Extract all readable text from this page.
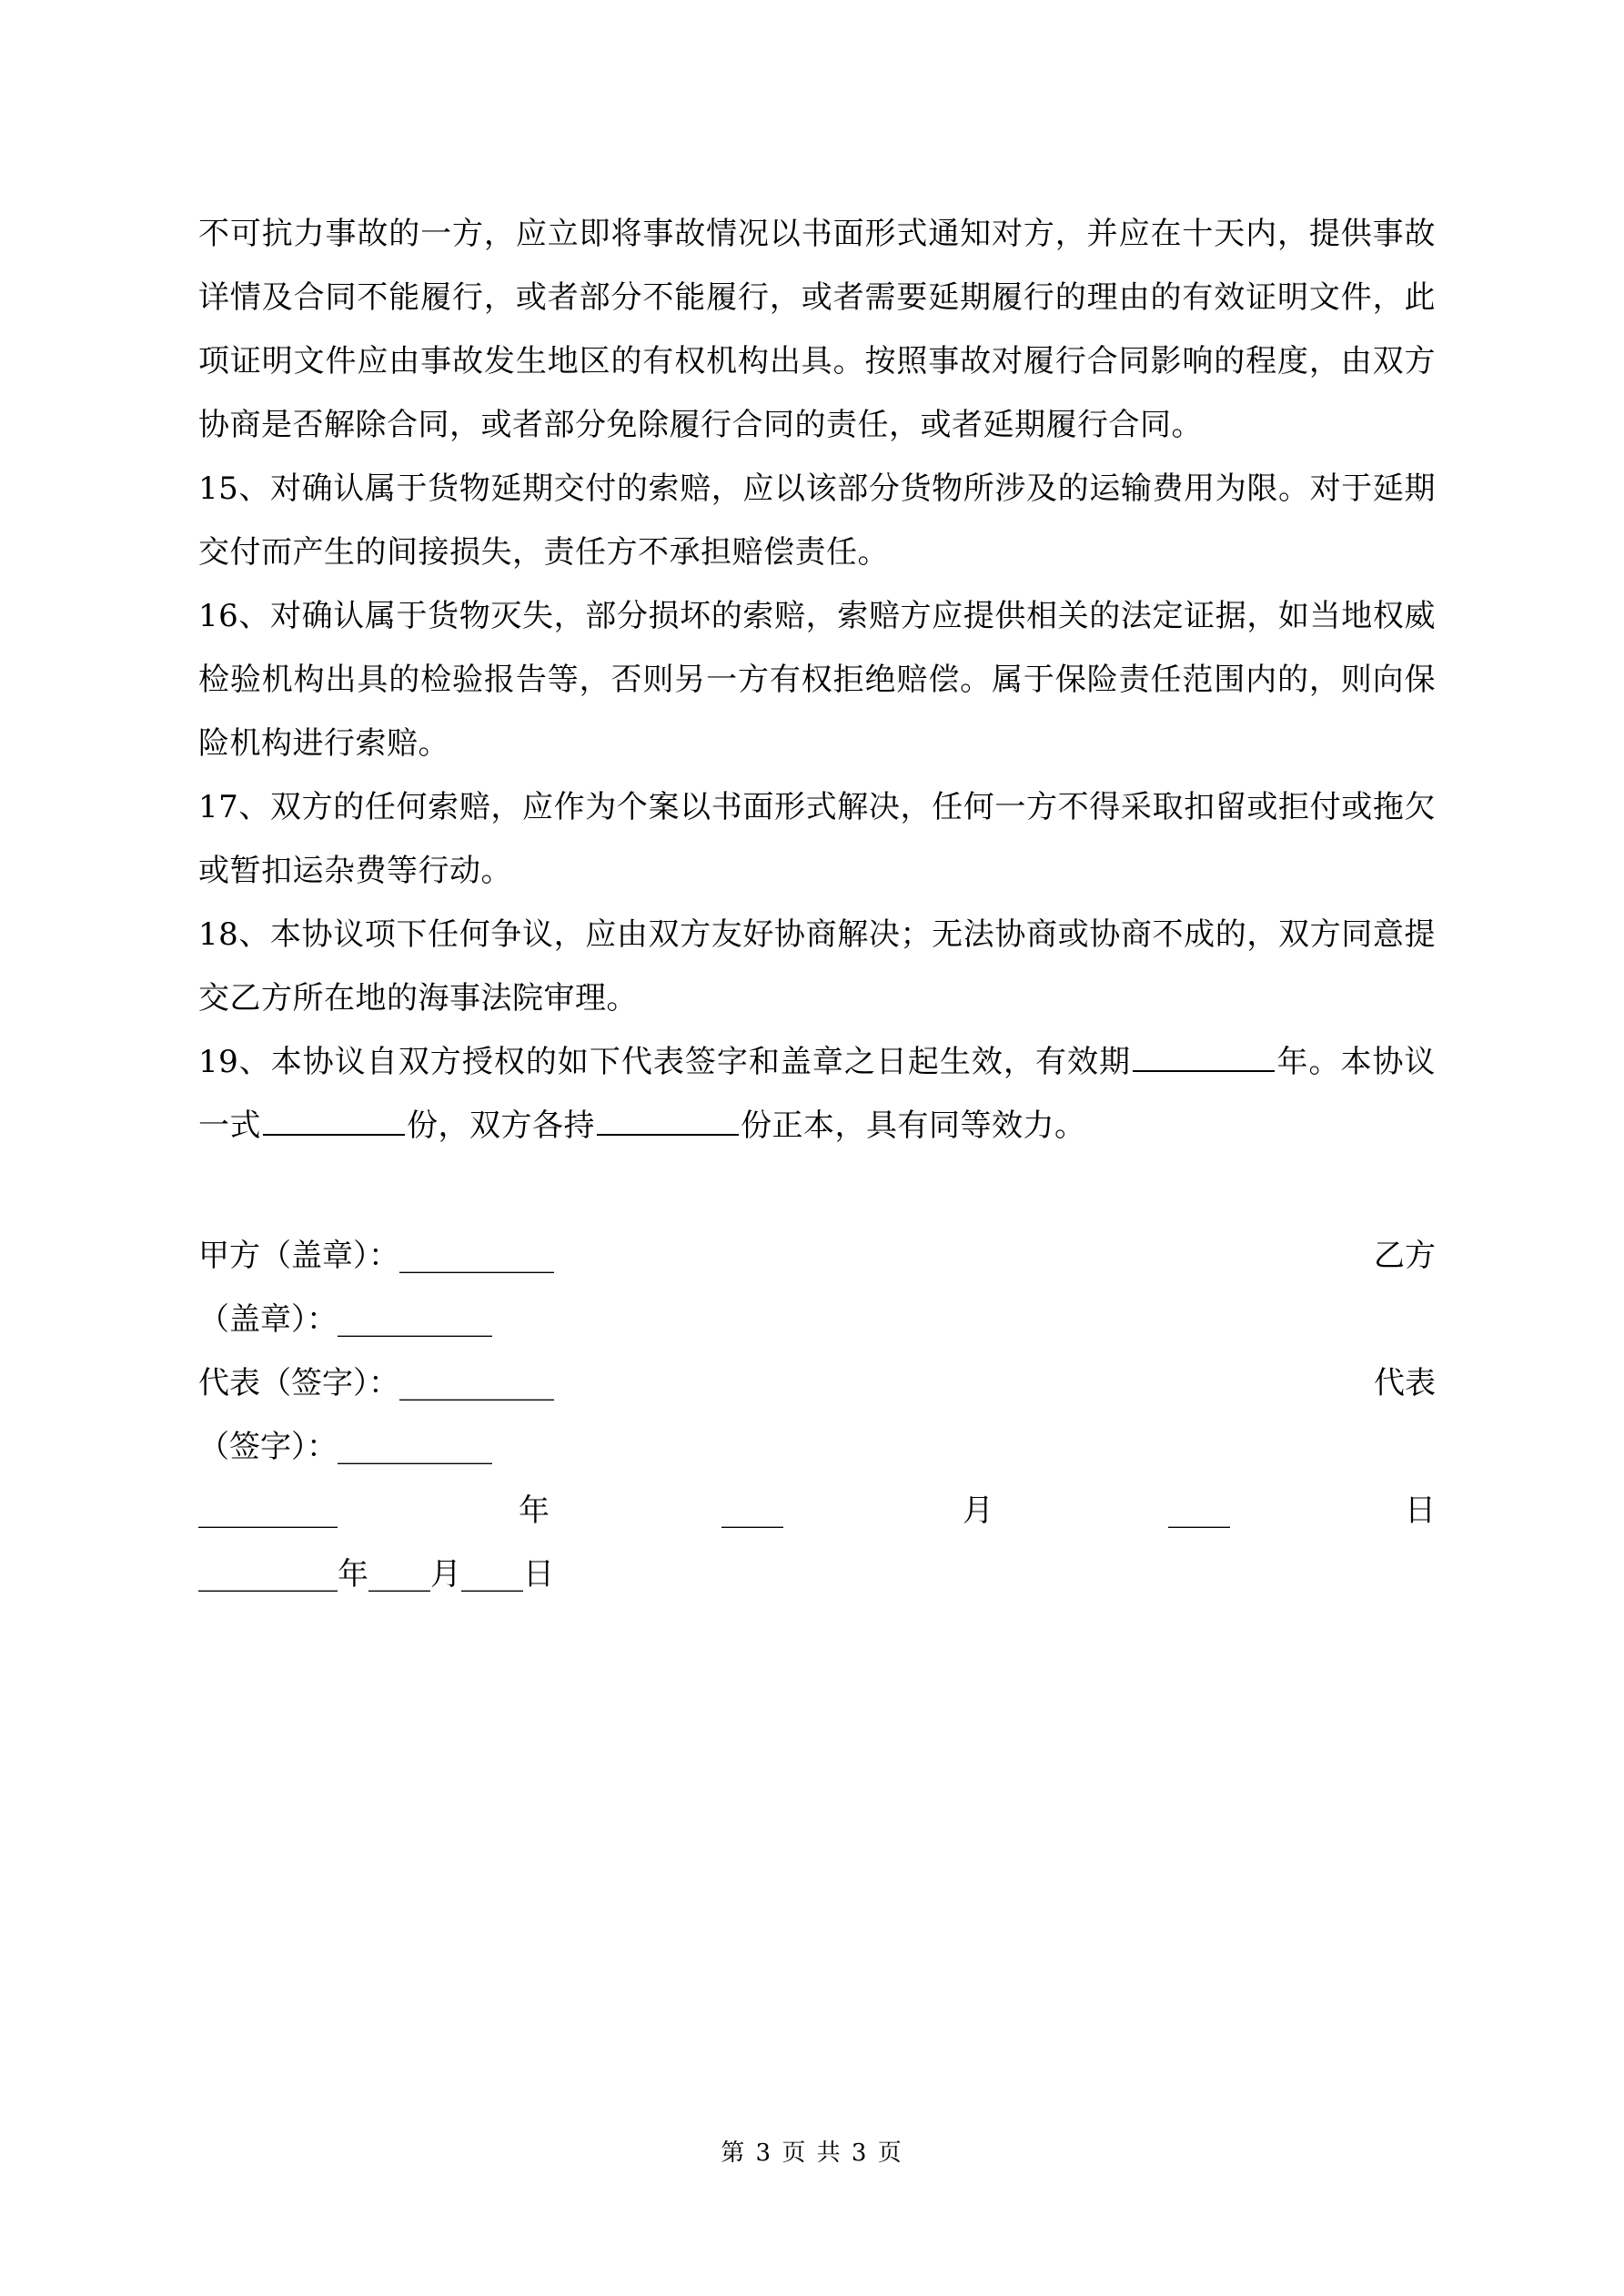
不可抗力事故的一方，应立即将事故情况以书面形式通知对方，并应在十天内，提供事故详情及合同不能履行，或者部分不能履行，或者需要延期履行的理由的有效证明文件，此项证明文件应由事故发生地区的有权机构出具。按照事故对履行合同影响的程度，由双方协商是否解除合同，或者部分免除履行合同的责任，或者延期履行合同。

15、对确认属于货物延期交付的索赔，应以该部分货物所涉及的运输费用为限。对于延期交付而产生的间接损失，责任方不承担赔偿责任。

16、对确认属于货物灭失，部分损坏的索赔，索赔方应提供相关的法定证据，如当地权威检验机构出具的检验报告等，否则另一方有权拒绝赔偿。属于保险责任范围内的，则向保险机构进行索赔。

17、双方的任何索赔，应作为个案以书面形式解决，任何一方不得采取扣留或拒付或拖欠或暂扣运杂费等行动。

18、本协议项下任何争议，应由双方友好协商解决；无法协商或协商不成的，双方同意提交乙方所在地的海事法院审理。

19、本协议自双方授权的如下代表签字和盖章之日起生效，有效期	年。本协议一式	份，双方各持	份正本，具有同等效力。

甲方（盖章）：__________	乙方
（盖章）：__________
代表（签字）：__________	代表
（签字）：__________
_________	年	____	月	____	日
_________年____月____日
第 3 页 共 3 页
